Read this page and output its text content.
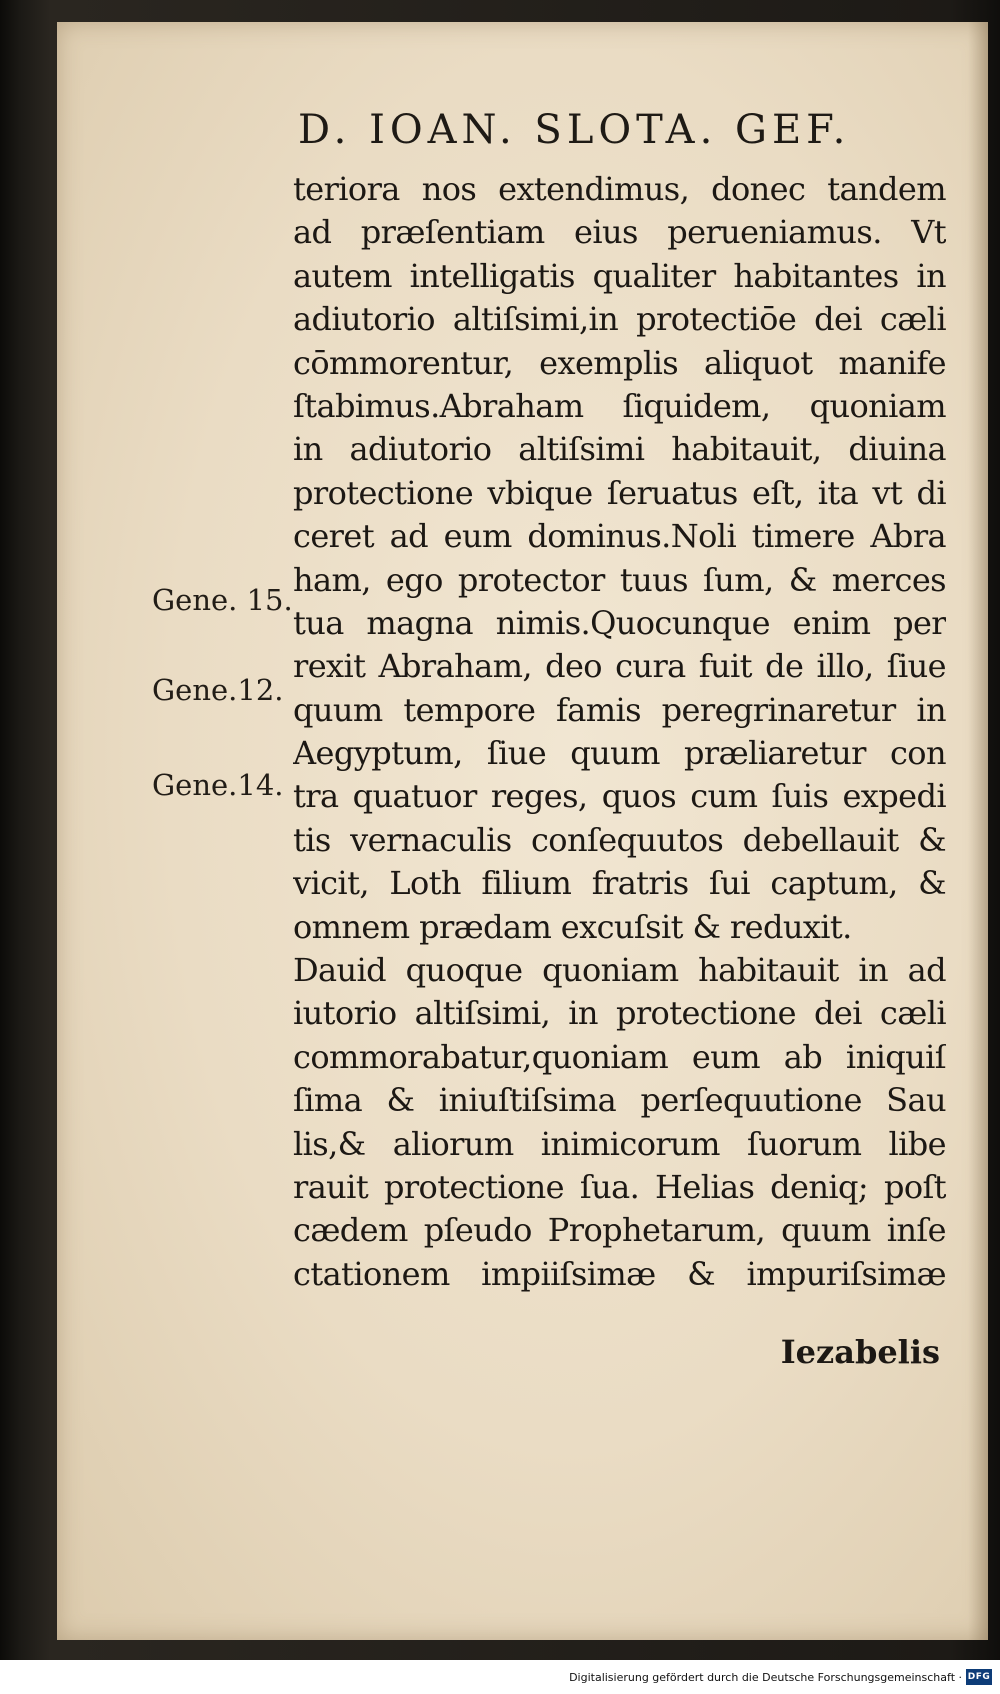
D. IOAN. SLOTA. GEF.
teriora nos extendimus, donec tandem
ad præſentiam eius perueniamus. Vt
autem intelligatis qualiter habitantes in
adiutorio altiſsimi,in protectiōe dei cæli
cōmmorentur, exemplis aliquot manife
ſtabimus.Abraham ſiquidem, quoniam
in adiutorio altiſsimi habitauit, diuina
protectione vbique ſeruatus eſt, ita vt di
ceret ad eum dominus.Noli timere Abra
ham, ego protector tuus ſum, & merces
tua magna nimis.Quocunque enim per
rexit Abraham, deo cura fuit de illo, ſiue
quum tempore famis peregrinaretur in
Aegyptum, ſiue quum præliaretur con
tra quatuor reges, quos cum ſuis expedi
tis vernaculis conſequutos debellauit &
vicit, Loth filium fratris ſui captum, &
omnem prædam excuſsit & reduxit.
Dauid quoque quoniam habitauit in ad
iutorio altiſsimi, in protectione dei cæli
commorabatur,quoniam eum ab iniquiſ
ſima & iniuſtiſsima perſequutione Sau
lis,& aliorum inimicorum ſuorum libe
rauit protectione ſua. Helias deniq; poſt
cædem pſeudo Prophetarum, quum inſe
ctationem impiiſsimæ & impuriſsimæ
Iezabelis
Gene. 15.
Gene.12.
Gene.14.
Digitalisierung gefördert durch die Deutsche Forschungsgemeinschaft · DFG
